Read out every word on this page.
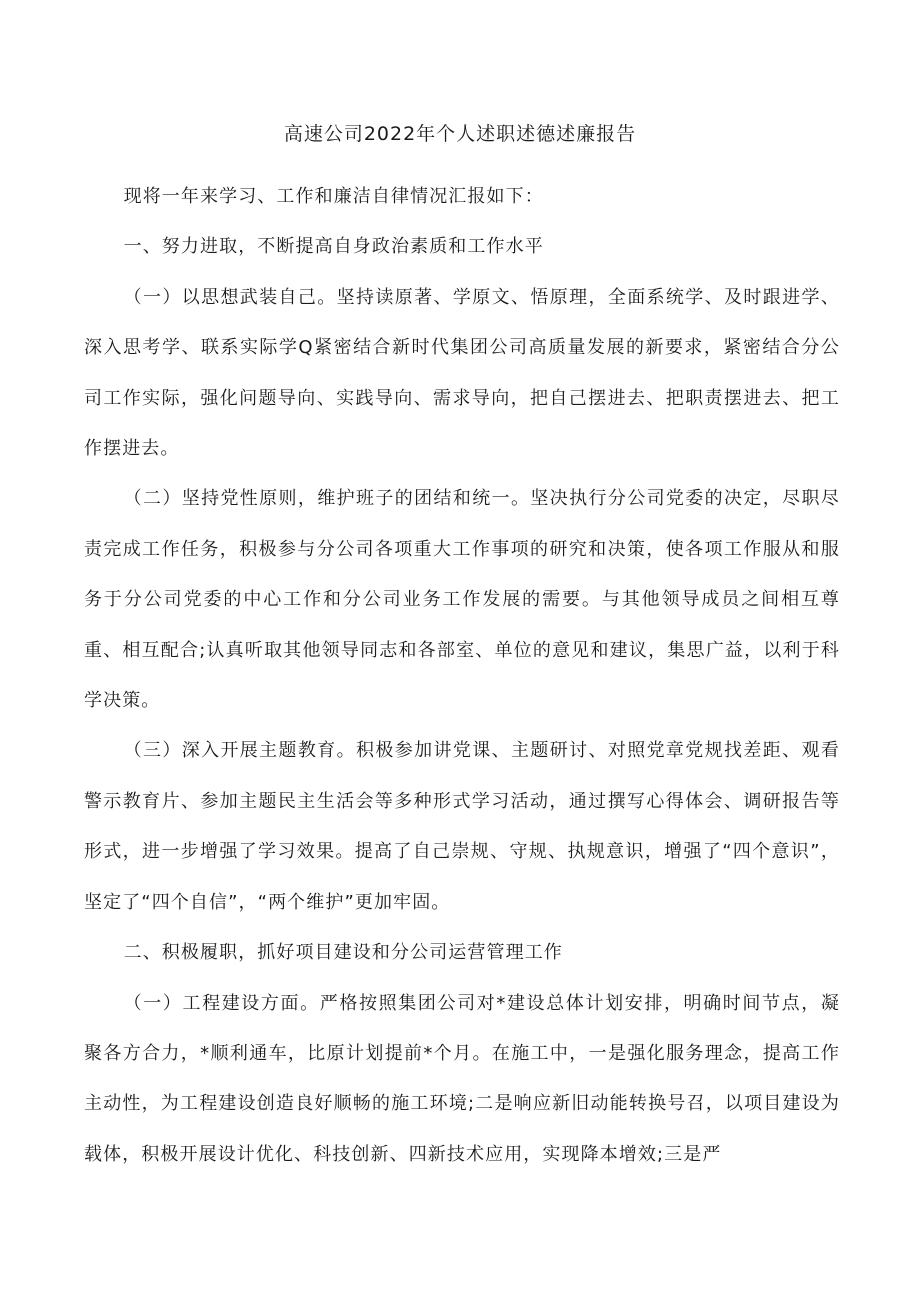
高速公司2022年个人述职述德述廉报告

现将一年来学习、工作和廉洁自律情况汇报如下：

一、努力进取，不断提高自身政治素质和工作水平

（一）以思想武装自己。坚持读原著、学原文、悟原理，全面系统学、及时跟进学、深入思考学、联系实际学Q紧密结合新时代集团公司高质量发展的新要求，紧密结合分公司工作实际，强化问题导向、实践导向、需求导向，把自己摆进去、把职责摆进去、把工作摆进去。

（二）坚持党性原则，维护班子的团结和统一。坚决执行分公司党委的决定，尽职尽责完成工作任务，积极参与分公司各项重大工作事项的研究和决策，使各项工作服从和服务于分公司党委的中心工作和分公司业务工作发展的需要。与其他领导成员之间相互尊重、相互配合;认真听取其他领导同志和各部室、单位的意见和建议，集思广益，以利于科学决策。

（三）深入开展主题教育。积极参加讲党课、主题研讨、对照党章党规找差距、观看警示教育片、参加主题民主生活会等多种形式学习活动，通过撰写心得体会、调研报告等形式，进一步增强了学习效果。提高了自己崇规、守规、执规意识，增强了“四个意识”，坚定了“四个自信”，“两个维护”更加牢固。

二、积极履职，抓好项目建设和分公司运营管理工作

（一）工程建设方面。严格按照集团公司对*建设总体计划安排，明确时间节点，凝聚各方合力，*顺利通车，比原计划提前*个月。在施工中，一是强化服务理念，提高工作主动性，为工程建设创造良好顺畅的施工环境;二是响应新旧动能转换号召，以项目建设为载体，积极开展设计优化、科技创新、四新技术应用，实现降本增效;三是严
